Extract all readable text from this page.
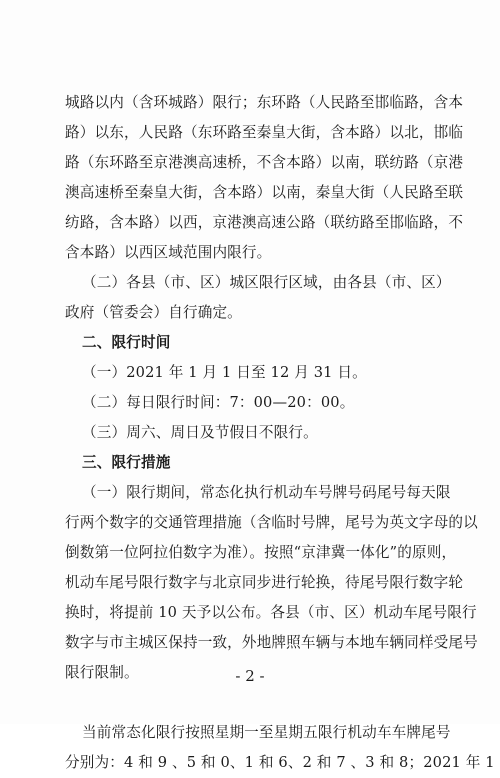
城路以内（含环城路）限行；东环路（人民路至邯临路，含本
路）以东，人民路（东环路至秦皇大街，含本路）以北，邯临
路（东环路至京港澳高速桥，不含本路）以南，联纺路（京港
澳高速桥至秦皇大街，含本路）以南，秦皇大街（人民路至联
纺路，含本路）以西，京港澳高速公路（联纺路至邯临路，不
含本路）以西区域范围内限行。
（二）各县（市、区）城区限行区域，由各县（市、区）
政府（管委会）自行确定。
二、限行时间
（一）2021 年 1 月 1 日至 12 月 31 日。
（二）每日限行时间：7：00—20：00。
（三）周六、周日及节假日不限行。
三、限行措施
（一）限行期间，常态化执行机动车号牌号码尾号每天限
行两个数字的交通管理措施（含临时号牌，尾号为英文字母的以
倒数第一位阿拉伯数字为准）。按照“京津冀一体化”的原则，
机动车尾号限行数字与北京同步进行轮换，待尾号限行数字轮
换时，将提前 10 天予以公布。各县（市、区）机动车尾号限行
数字与市主城区保持一致，外地牌照车辆与本地车辆同样受尾号
限行限制。
当前常态化限行按照星期一至星期五限行机动车车牌尾号
分别为：4 和 9 、5 和 0、1 和 6、2 和 7 、3 和 8；2021 年 1
- 2 -
